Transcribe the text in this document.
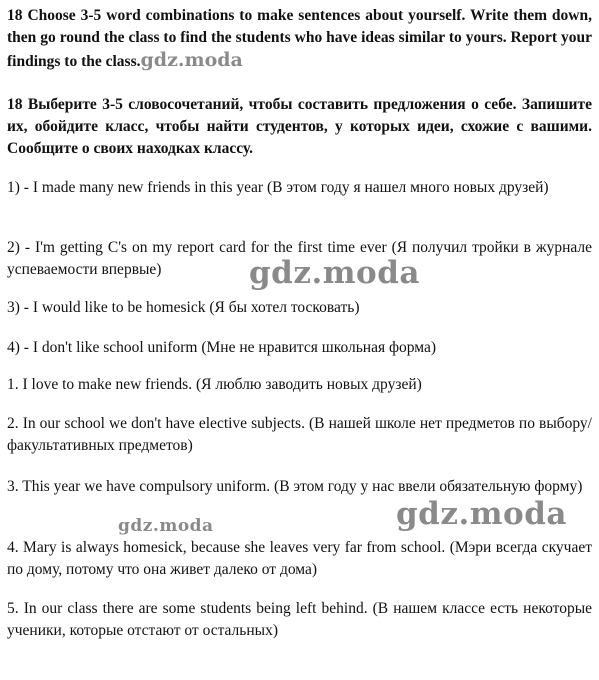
18 Choose 3-5 word combinations to make sentences about yourself. Write them down, then go round the class to find the students who have ideas similar to yours. Report your findings to the class.gdz.moda

18 Выберите 3-5 словосочетаний, чтобы составить предложения о себе. Запишите их, обойдите класс, чтобы найти студентов, у которых идеи, схожие с вашими. Сообщите о своих находках классу.

1) - I made many new friends in this year (В этом году я нашел много новых друзей)

2) - I'm getting C's on my report card for the first time ever (Я получил тройки в журнале успеваемости впервые)

3) - I would like to be homesick (Я бы хотел тосковать)

4) - I don't like school uniform (Мне не нравится школьная форма)

1. I love to make new friends. (Я люблю заводить новых друзей)

2. In our school we don't have elective subjects. (В нашей школе нет предметов по выбору/факультативных предметов)

3. This year we have compulsory uniform. (В этом году у нас ввели обязательную форму)

4. Mary is always homesick, because she leaves very far from school. (Мэри всегда скучает по дому, потому что она живет далеко от дома)

5. In our class there are some students being left behind. (В нашем классе есть некоторые ученики, которые отстают от остальных)

gdz.moda
gdz.moda	gdz.moda
